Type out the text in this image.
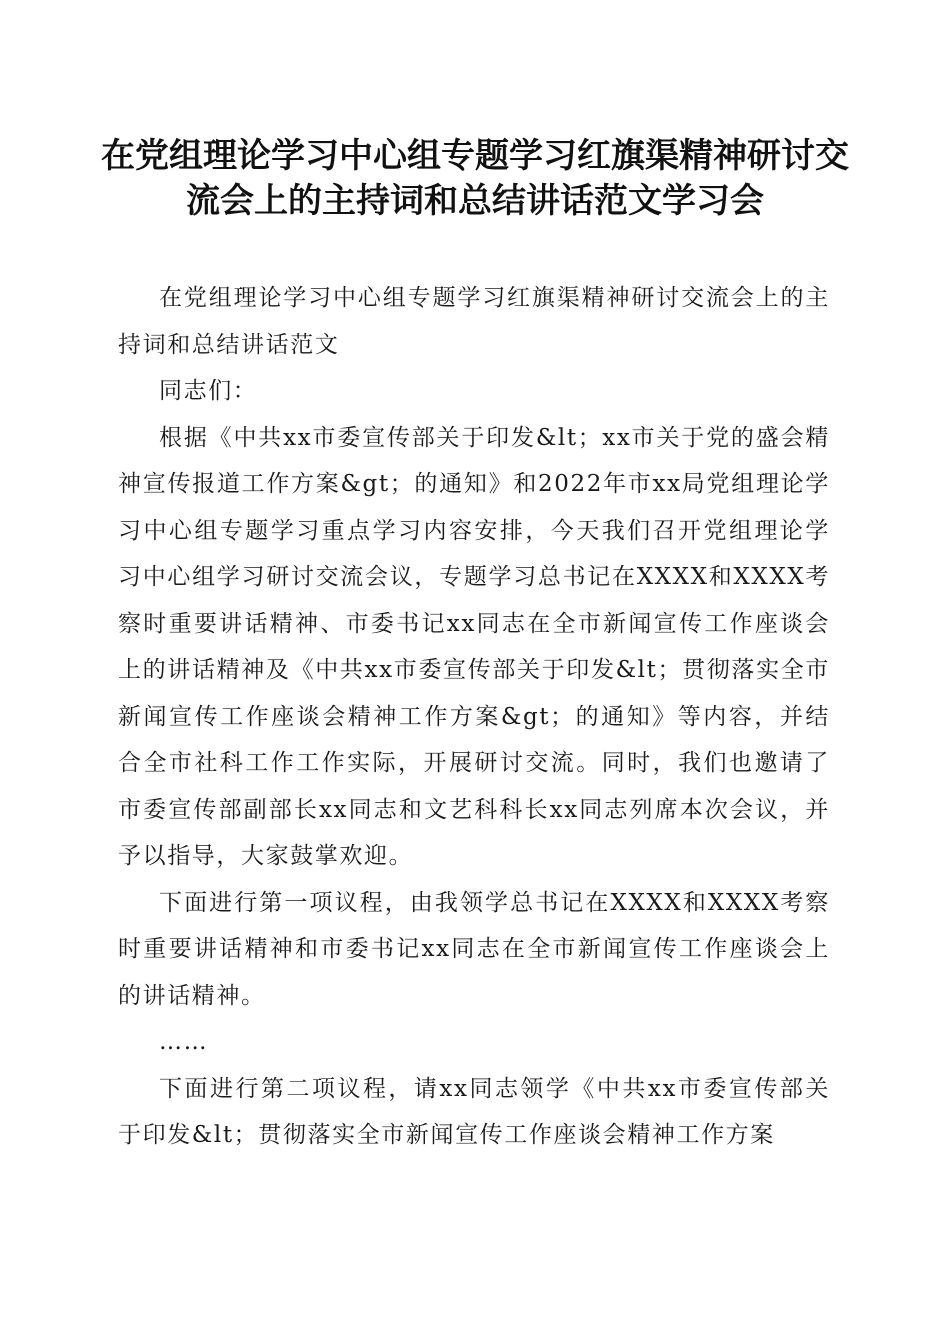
在党组理论学习中心组专题学习红旗渠精神研讨交流会上的主持词和总结讲话范文学习会

在党组理论学习中心组专题学习红旗渠精神研讨交流会上的主持词和总结讲话范文

同志们：

根据《中共xx市委宣传部关于印发&lt；xx市关于党的盛会精神宣传报道工作方案&gt；的通知》和2022年市xx局党组理论学习中心组专题学习重点学习内容安排，今天我们召开党组理论学习中心组学习研讨交流会议，专题学习总书记在XXXX和XXXX考察时重要讲话精神、市委书记xx同志在全市新闻宣传工作座谈会上的讲话精神及《中共xx市委宣传部关于印发&lt；贯彻落实全市新闻宣传工作座谈会精神工作方案&gt；的通知》等内容，并结合全市社科工作工作实际，开展研讨交流。同时，我们也邀请了市委宣传部副部长xx同志和文艺科科长xx同志列席本次会议，并予以指导，大家鼓掌欢迎。

下面进行第一项议程，由我领学总书记在XXXX和XXXX考察时重要讲话精神和市委书记xx同志在全市新闻宣传工作座谈会上的讲话精神。

……

下面进行第二项议程，请xx同志领学《中共xx市委宣传部关于印发&lt；贯彻落实全市新闻宣传工作座谈会精神工作方案
